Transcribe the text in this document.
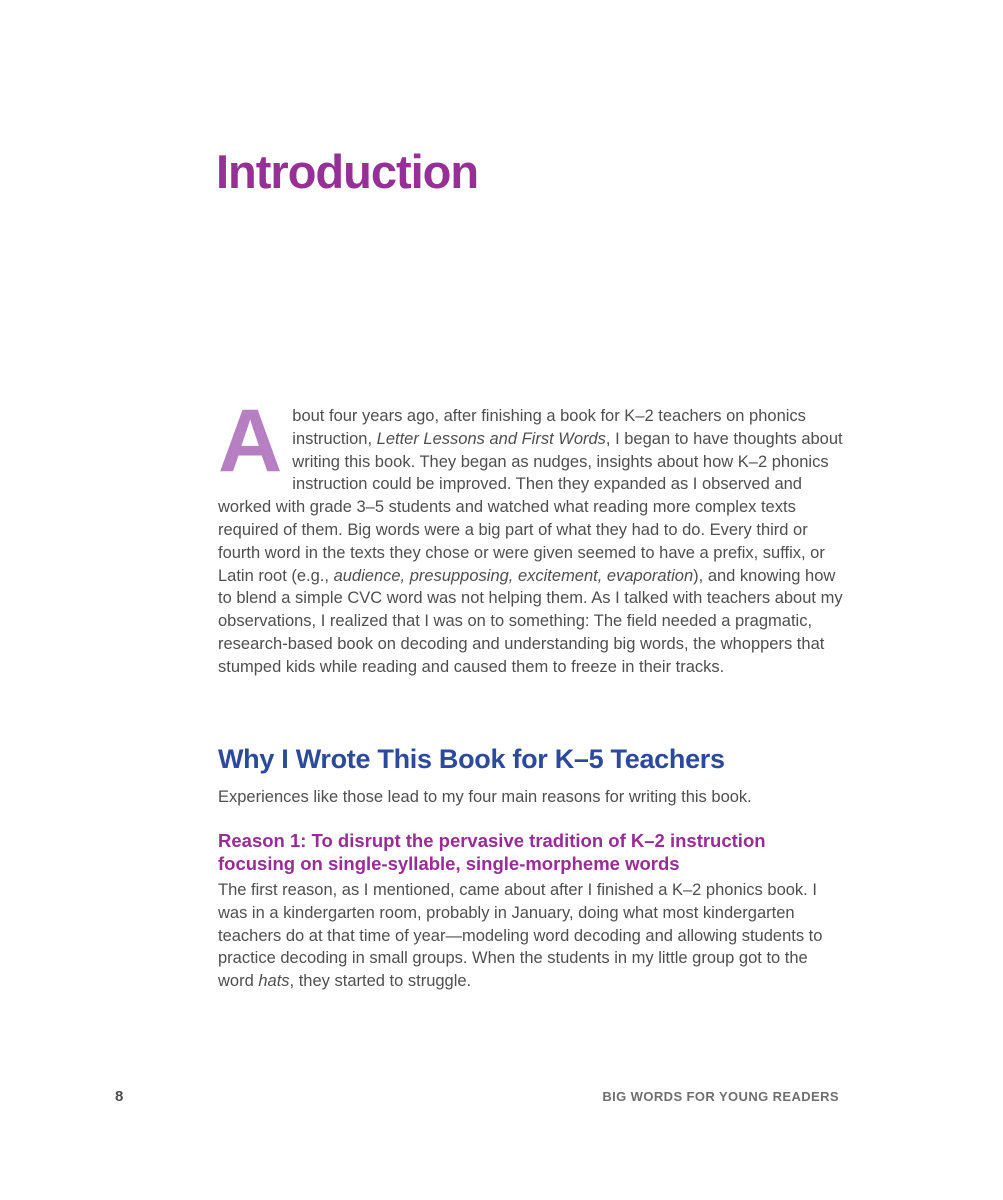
Introduction

About four years ago, after finishing a book for K–2 teachers on phonics instruction, Letter Lessons and First Words, I began to have thoughts about writing this book. They began as nudges, insights about how K–2 phonics instruction could be improved. Then they expanded as I observed and worked with grade 3–5 students and watched what reading more complex texts required of them. Big words were a big part of what they had to do. Every third or fourth word in the texts they chose or were given seemed to have a prefix, suffix, or Latin root (e.g., audience, presupposing, excitement, evaporation), and knowing how to blend a simple CVC word was not helping them. As I talked with teachers about my observations, I realized that I was on to something: The field needed a pragmatic, research-based book on decoding and understanding big words, the whoppers that stumped kids while reading and caused them to freeze in their tracks.

Why I Wrote This Book for K–5 Teachers

Experiences like those lead to my four main reasons for writing this book.

Reason 1: To disrupt the pervasive tradition of K–2 instruction focusing on single-syllable, single-morpheme words

The first reason, as I mentioned, came about after I finished a K–2 phonics book. I was in a kindergarten room, probably in January, doing what most kindergarten teachers do at that time of year—modeling word decoding and allowing students to practice decoding in small groups. When the students in my little group got to the word hats, they started to struggle.

8	BIG WORDS FOR YOUNG READERS
